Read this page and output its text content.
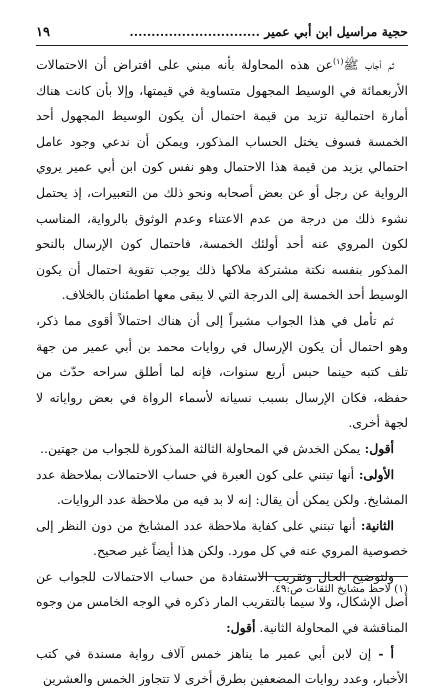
حجية مراسيل ابن أبي عمير ..............................
١٩

ثم أجاب ﷺ$^{(١)}$عن هذه المحاولة بأنه مبني على افتراض أن الاحتمالات الأربعمائة في الوسيط المجهول متساوية في قيمتها، وإلا بأن كانت هناك أمارة احتمالية تزيد من قيمة احتمال أن يكون الوسيط المجهول أحد الخمسة فسوف يختل الحساب المذكور، ويمكن أن ندعي وجود عامل احتمالي يزيد من قيمة هذا الاحتمال وهو نفس كون ابن أبي عمير يروي الرواية عن رجل أو عن بعض أصحابه ونحو ذلك من التعبيرات، إذ يحتمل نشوء ذلك من درجة من عدم الاعتناء وعدم الوثوق بالرواية، المناسب لكون المروي عنه أحد أولئك الخمسة، فاحتمال كون الإرسال بالنحو المذكور بنفسه نكتة مشتركة ملاكها ذلك يوجب تقوية احتمال أن يكون الوسيط أحد الخمسة إلى الدرجة التي لا يبقى معها اطمئنان بالخلاف.

ثم تأمل في هذا الجواب مشيراً إلى أن هناك احتمالاً أقوى مما ذكر، وهو احتمال أن يكون الإرسال في روايات محمد بن أبي عمير من جهة تلف كتبه حينما حبس أربع سنوات، فإنه لما أطلق سراحه حدّث من حفظه، فكان الإرسال بسبب نسيانه لأسماء الرواة في بعض رواياته لا لجهة أخرى.

أقول: يمكن الخدش في المحاولة الثالثة المذكورة للجواب من جهتين..

الأولى: أنها تبتني على كون العبرة في حساب الاحتمالات بملاحظة عدد المشايخ. ولكن يمكن أن يقال: إنه لا بد فيه من ملاحظة عدد الروايات.

الثانية: أنها تبتني على كفاية ملاحظة عدد المشايخ من دون النظر إلى خصوصية المروي عنه في كل مورد. ولكن هذا أيضاً غير صحيح.

ولتوضيح الحال وتقريب الاستفادة من حساب الاحتمالات للجواب عن أصل الإشكال، ولا سيما بالتقريب المار ذكره في الوجه الخامس من وجوه المناقشة في المحاولة الثانية. أقول:

أ - إن لابن أبي عمير ما يناهز خمس آلاف رواية مسندة في كتب الأخبار، وعدد روايات المضعفين بطرق أخرى لا تتجاوز الخمس والعشرين

(١) لاحظ مشايخ الثقات ص:٤٩.
